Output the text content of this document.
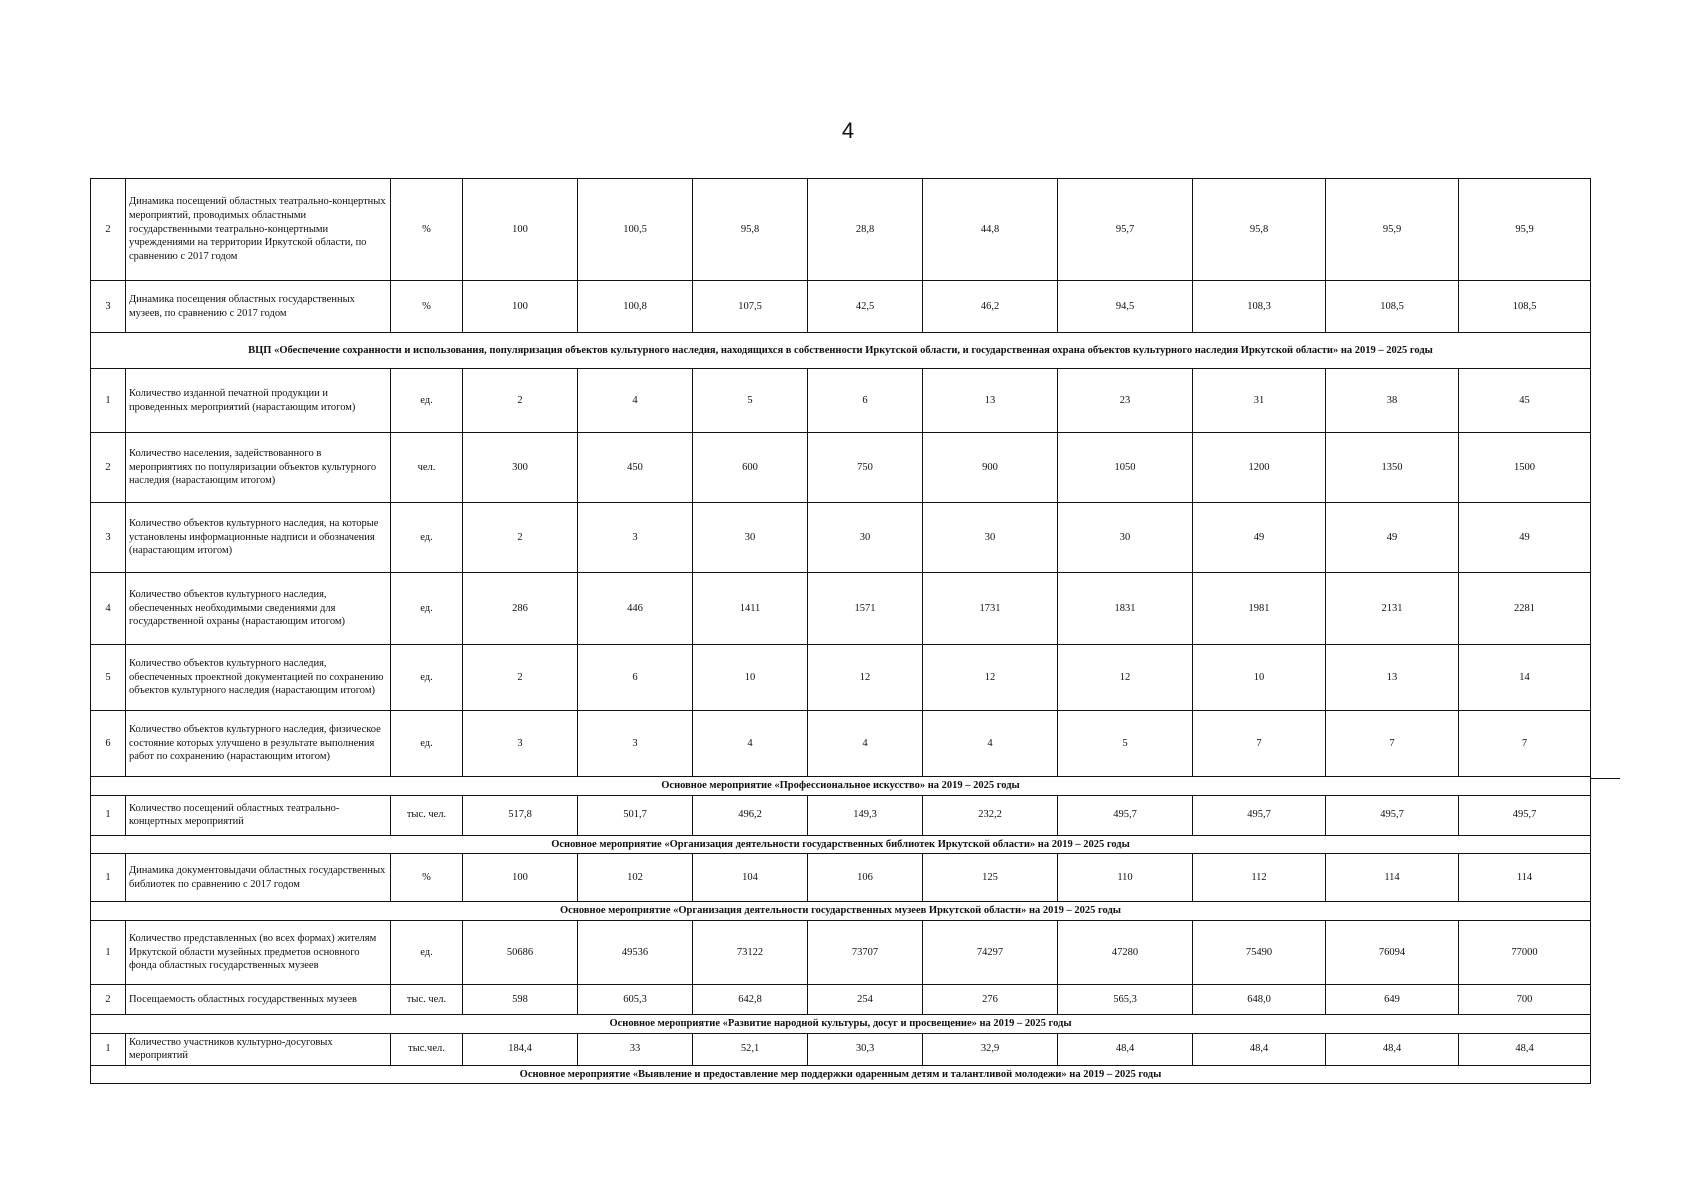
4
2	Динамика посещений областных театрально-концертных мероприятий, проводимых областными государственными театрально-концертными учреждениями на территории Иркутской области, по сравнению с 2017 годом	%	100	100,5	95,8	28,8	44,8	95,7	95,8	95,9	95,9
3	Динамика посещения областных государственных музеев, по сравнению с 2017 годом	%	100	100,8	107,5	42,5	46,2	94,5	108,3	108,5	108,5
ВЦП «Обеспечение сохранности и использования, популяризация объектов культурного наследия, находящихся в собственности Иркутской области, и государственная охрана объектов культурного наследия Иркутской области» на 2019 – 2025 годы											
1	Количество изданной печатной продукции и проведенных мероприятий (нарастающим итогом)	ед.	2	4	5	6	13	23	31	38	45
2	Количество населения, задействованного в мероприятиях по популяризации объектов культурного наследия (нарастающим итогом)	чел.	300	450	600	750	900	1050	1200	1350	1500
3	Количество объектов культурного наследия, на которые установлены информационные надписи и обозначения (нарастающим итогом)	ед.	2	3	30	30	30	30	49	49	49
4	Количество объектов культурного наследия, обеспеченных необходимыми сведениями для государственной охраны (нарастающим итогом)	ед.	286	446	1411	1571	1731	1831	1981	2131	2281
5	Количество объектов культурного наследия, обеспеченных проектной документацией по сохранению объектов культурного наследия (нарастающим итогом)	ед.	2	6	10	12	12	12	10	13	14
6	Количество объектов культурного наследия, физическое состояние которых улучшено в результате выполнения работ по сохранению (нарастающим итогом)	ед.	3	3	4	4	4	5	7	7	7
Основное мероприятие «Профессиональное искусство» на 2019 – 2025 годы											
1	Количество посещений областных театрально-концертных мероприятий	тыс. чел.	517,8	501,7	496,2	149,3	232,2	495,7	495,7	495,7	495,7
Основное мероприятие «Организация деятельности государственных библиотек Иркутской области» на 2019 – 2025 годы											
1	Динамика документовыдачи областных государственных библиотек по сравнению с 2017 годом	%	100	102	104	106	125	110	112	114	114
Основное мероприятие «Организация деятельности государственных музеев Иркутской области» на 2019 – 2025 годы											
1	Количество представленных (во всех формах) жителям Иркутской области музейных предметов основного фонда областных государственных музеев	ед.	50686	49536	73122	73707	74297	47280	75490	76094	77000
2	Посещаемость областных государственных музеев	тыс. чел.	598	605,3	642,8	254	276	565,3	648,0	649	700
Основное мероприятие «Развитие народной культуры, досуг и просвещение» на 2019 – 2025 годы											
1	Количество участников культурно-досуговых мероприятий	тыс.чел.	184,4	33	52,1	30,3	32,9	48,4	48,4	48,4	48,4
Основное мероприятие «Выявление и предоставление мер поддержки одаренным детям и талантливой молодежи» на 2019 – 2025 годы											
